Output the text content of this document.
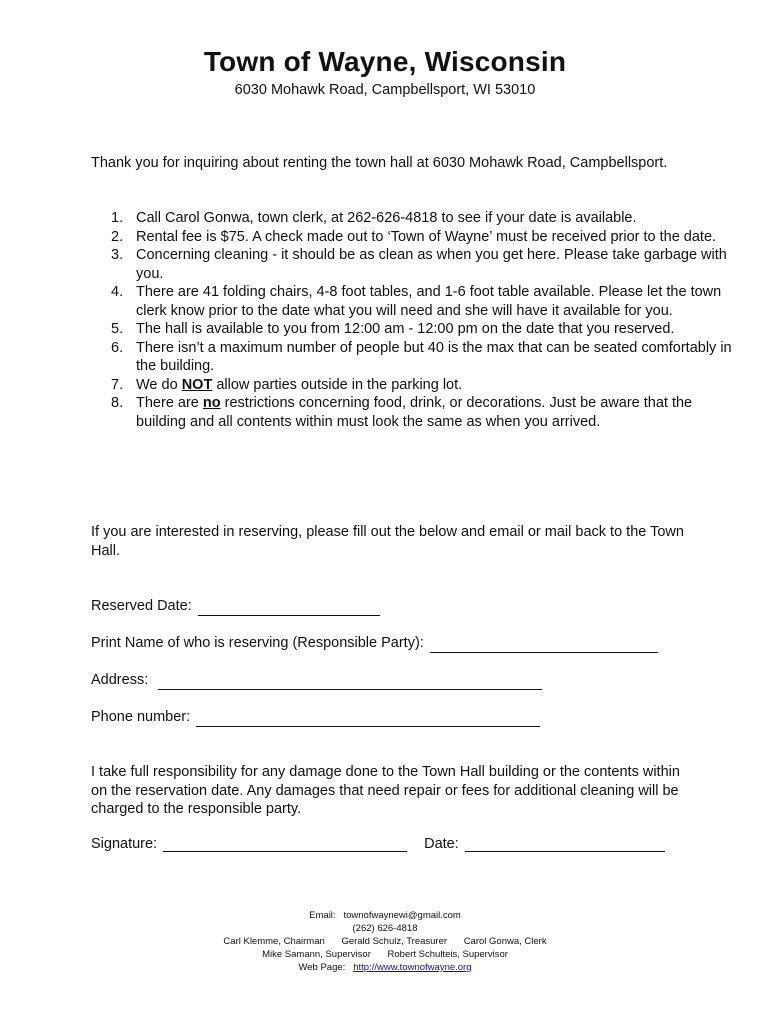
Town of Wayne, Wisconsin
6030 Mohawk Road, Campbellsport, WI 53010

Thank you for inquiring about renting the town hall at 6030 Mohawk Road, Campbellsport.

1. Call Carol Gonwa, town clerk, at 262-626-4818 to see if your date is available.
2. Rental fee is $75. A check made out to ‘Town of Wayne’ must be received prior to the date.
3. Concerning cleaning - it should be as clean as when you get here. Please take garbage with you.
4. There are 41 folding chairs, 4-8 foot tables, and 1-6 foot table available. Please let the town clerk know prior to the date what you will need and she will have it available for you.
5. The hall is available to you from 12:00 am - 12:00 pm on the date that you reserved.
6. There isn’t a maximum number of people but 40 is the max that can be seated comfortably in the building.
7. We do NOT allow parties outside in the parking lot.
8. There are no restrictions concerning food, drink, or decorations. Just be aware that the building and all contents within must look the same as when you arrived.

If you are interested in reserving, please fill out the below and email or mail back to the Town Hall.

Reserved Date:
Print Name of who is reserving (Responsible Party):
Address:
Phone number:

I take full responsibility for any damage done to the Town Hall building or the contents within on the reservation date. Any damages that need repair or fees for additional cleaning will be charged to the responsible party.

Signature:	Date:
Email: townofwaynewi@gmail.com
(262) 626-4818
Carl Klemme, Chairman Gerald Schulz, Treasurer Carol Gonwa, Clerk
Mike Samann, Supervisor Robert Schulteis, Supervisor
Web Page: http://www.townofwayne.org
